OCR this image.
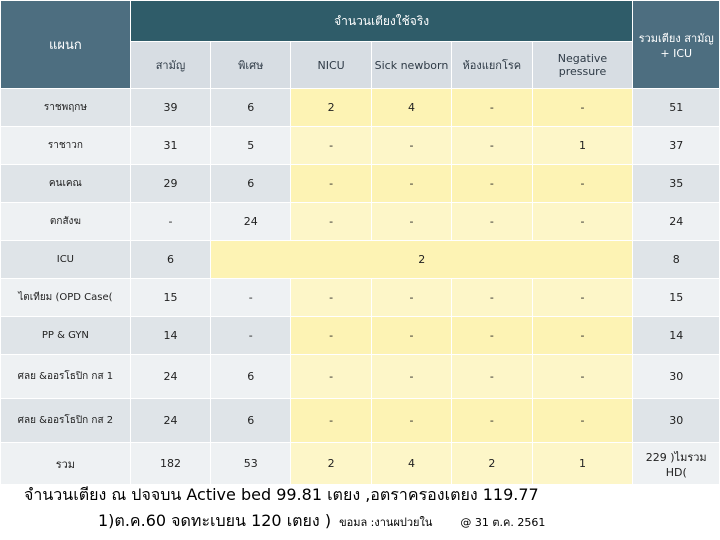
แผนก	จำนวนเตียงใช้จริง						รวมเตียง สามัญ + ICU
	สามัญ	พิเศษ	NICU	Sick newborn	ห้องแยกโรค	Negative pressure	
ราชพฤกษ	39	6	2	4	-	-	51
ราชาวก	31	5	-	-	-	1	37
คนเคณ	29	6	-	-	-	-	35
ตกสังฆ	-	24	-	-	-	-	24
ICU	6	2					8
ไตเทียม (OPD Case(	15	-	-	-	-	-	15
PP & GYN	14	-	-	-	-	-	14
ศลย &ออรโธปิก กส 1	24	6	-	-	-	-	30
ศลย &ออรโธปิก กส 2	24	6	-	-	-	-	30
รวม	182	53	2	4	2	1	229 )ไมรวม HD(
จำนวนเตียง ณ ปจจบน Active bed 99.81 เตยง ,อตราครองเตยง 119.77
1)ต.ค.60 จดทะเบยน 120 เตยง ) ขอมล :งานผปวยใน	@ 31 ต.ค. 2561
